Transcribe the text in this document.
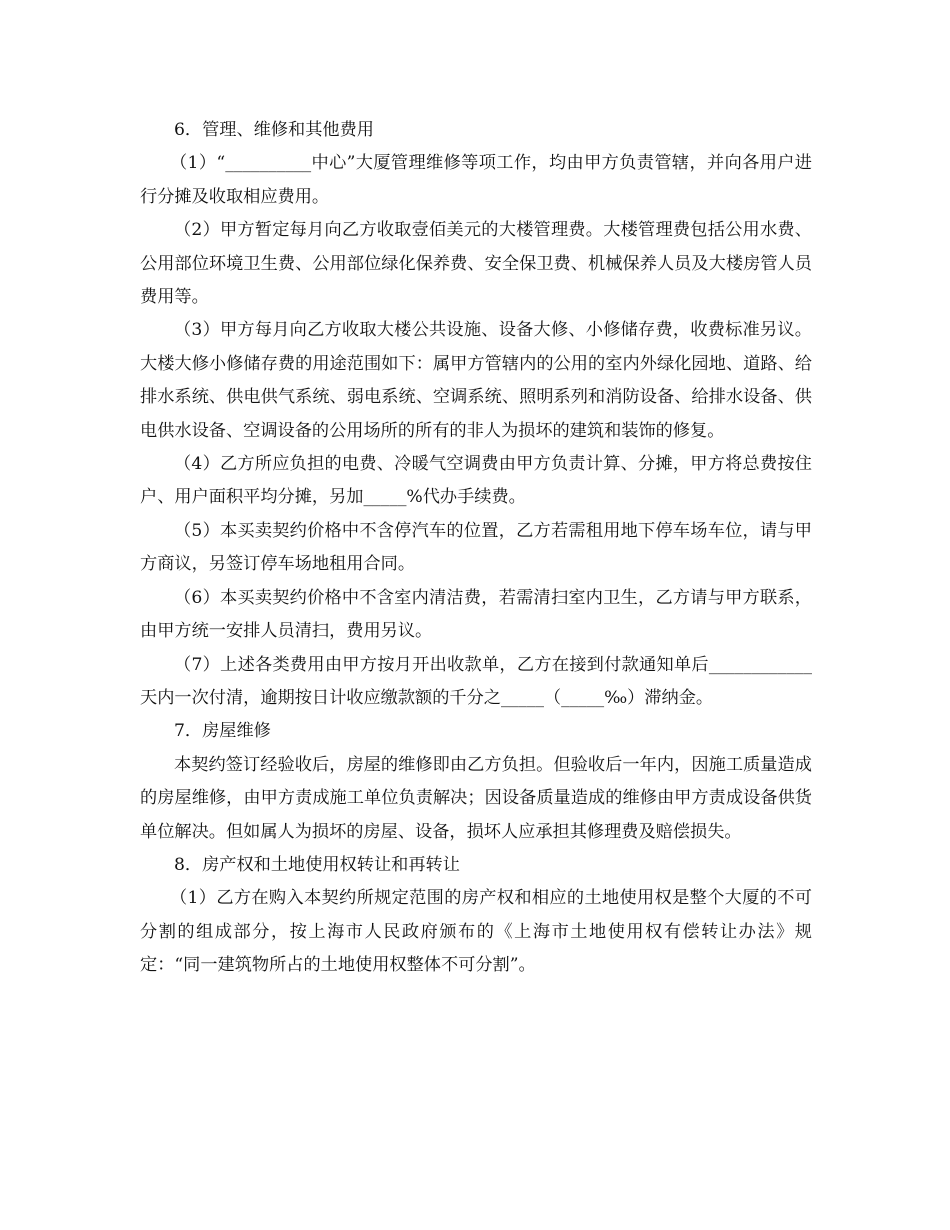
6．管理、维修和其他费用

（1）“__________中心”大厦管理维修等项工作，均由甲方负责管辖，并向各用户进行分摊及收取相应费用。

（2）甲方暂定每月向乙方收取壹佰美元的大楼管理费。大楼管理费包括公用水费、公用部位环境卫生费、公用部位绿化保养费、安全保卫费、机械保养人员及大楼房管人员费用等。

（3）甲方每月向乙方收取大楼公共设施、设备大修、小修储存费，收费标准另议。大楼大修小修储存费的用途范围如下：属甲方管辖内的公用的室内外绿化园地、道路、给排水系统、供电供气系统、弱电系统、空调系统、照明系列和消防设备、给排水设备、供电供水设备、空调设备的公用场所的所有的非人为损坏的建筑和装饰的修复。

（4）乙方所应负担的电费、冷暖气空调费由甲方负责计算、分摊，甲方将总费按住户、用户面积平均分摊，另加_____%代办手续费。

（5）本买卖契约价格中不含停汽车的位置，乙方若需租用地下停车场车位，请与甲方商议，另签订停车场地租用合同。

（6）本买卖契约价格中不含室内清洁费，若需清扫室内卫生，乙方请与甲方联系，由甲方统一安排人员清扫，费用另议。

（7）上述各类费用由甲方按月开出收款单，乙方在接到付款通知单后____________天内一次付清，逾期按日计收应缴款额的千分之_____（_____‰）滞纳金。

7．房屋维修

本契约签订经验收后，房屋的维修即由乙方负担。但验收后一年内，因施工质量造成的房屋维修，由甲方责成施工单位负责解决；因设备质量造成的维修由甲方责成设备供货单位解决。但如属人为损坏的房屋、设备，损坏人应承担其修理费及赔偿损失。

8．房产权和土地使用权转让和再转让

（1）乙方在购入本契约所规定范围的房产权和相应的土地使用权是整个大厦的不可分割的组成部分，按上海市人民政府颁布的《上海市土地使用权有偿转让办法》规定：“同一建筑物所占的土地使用权整体不可分割”。
